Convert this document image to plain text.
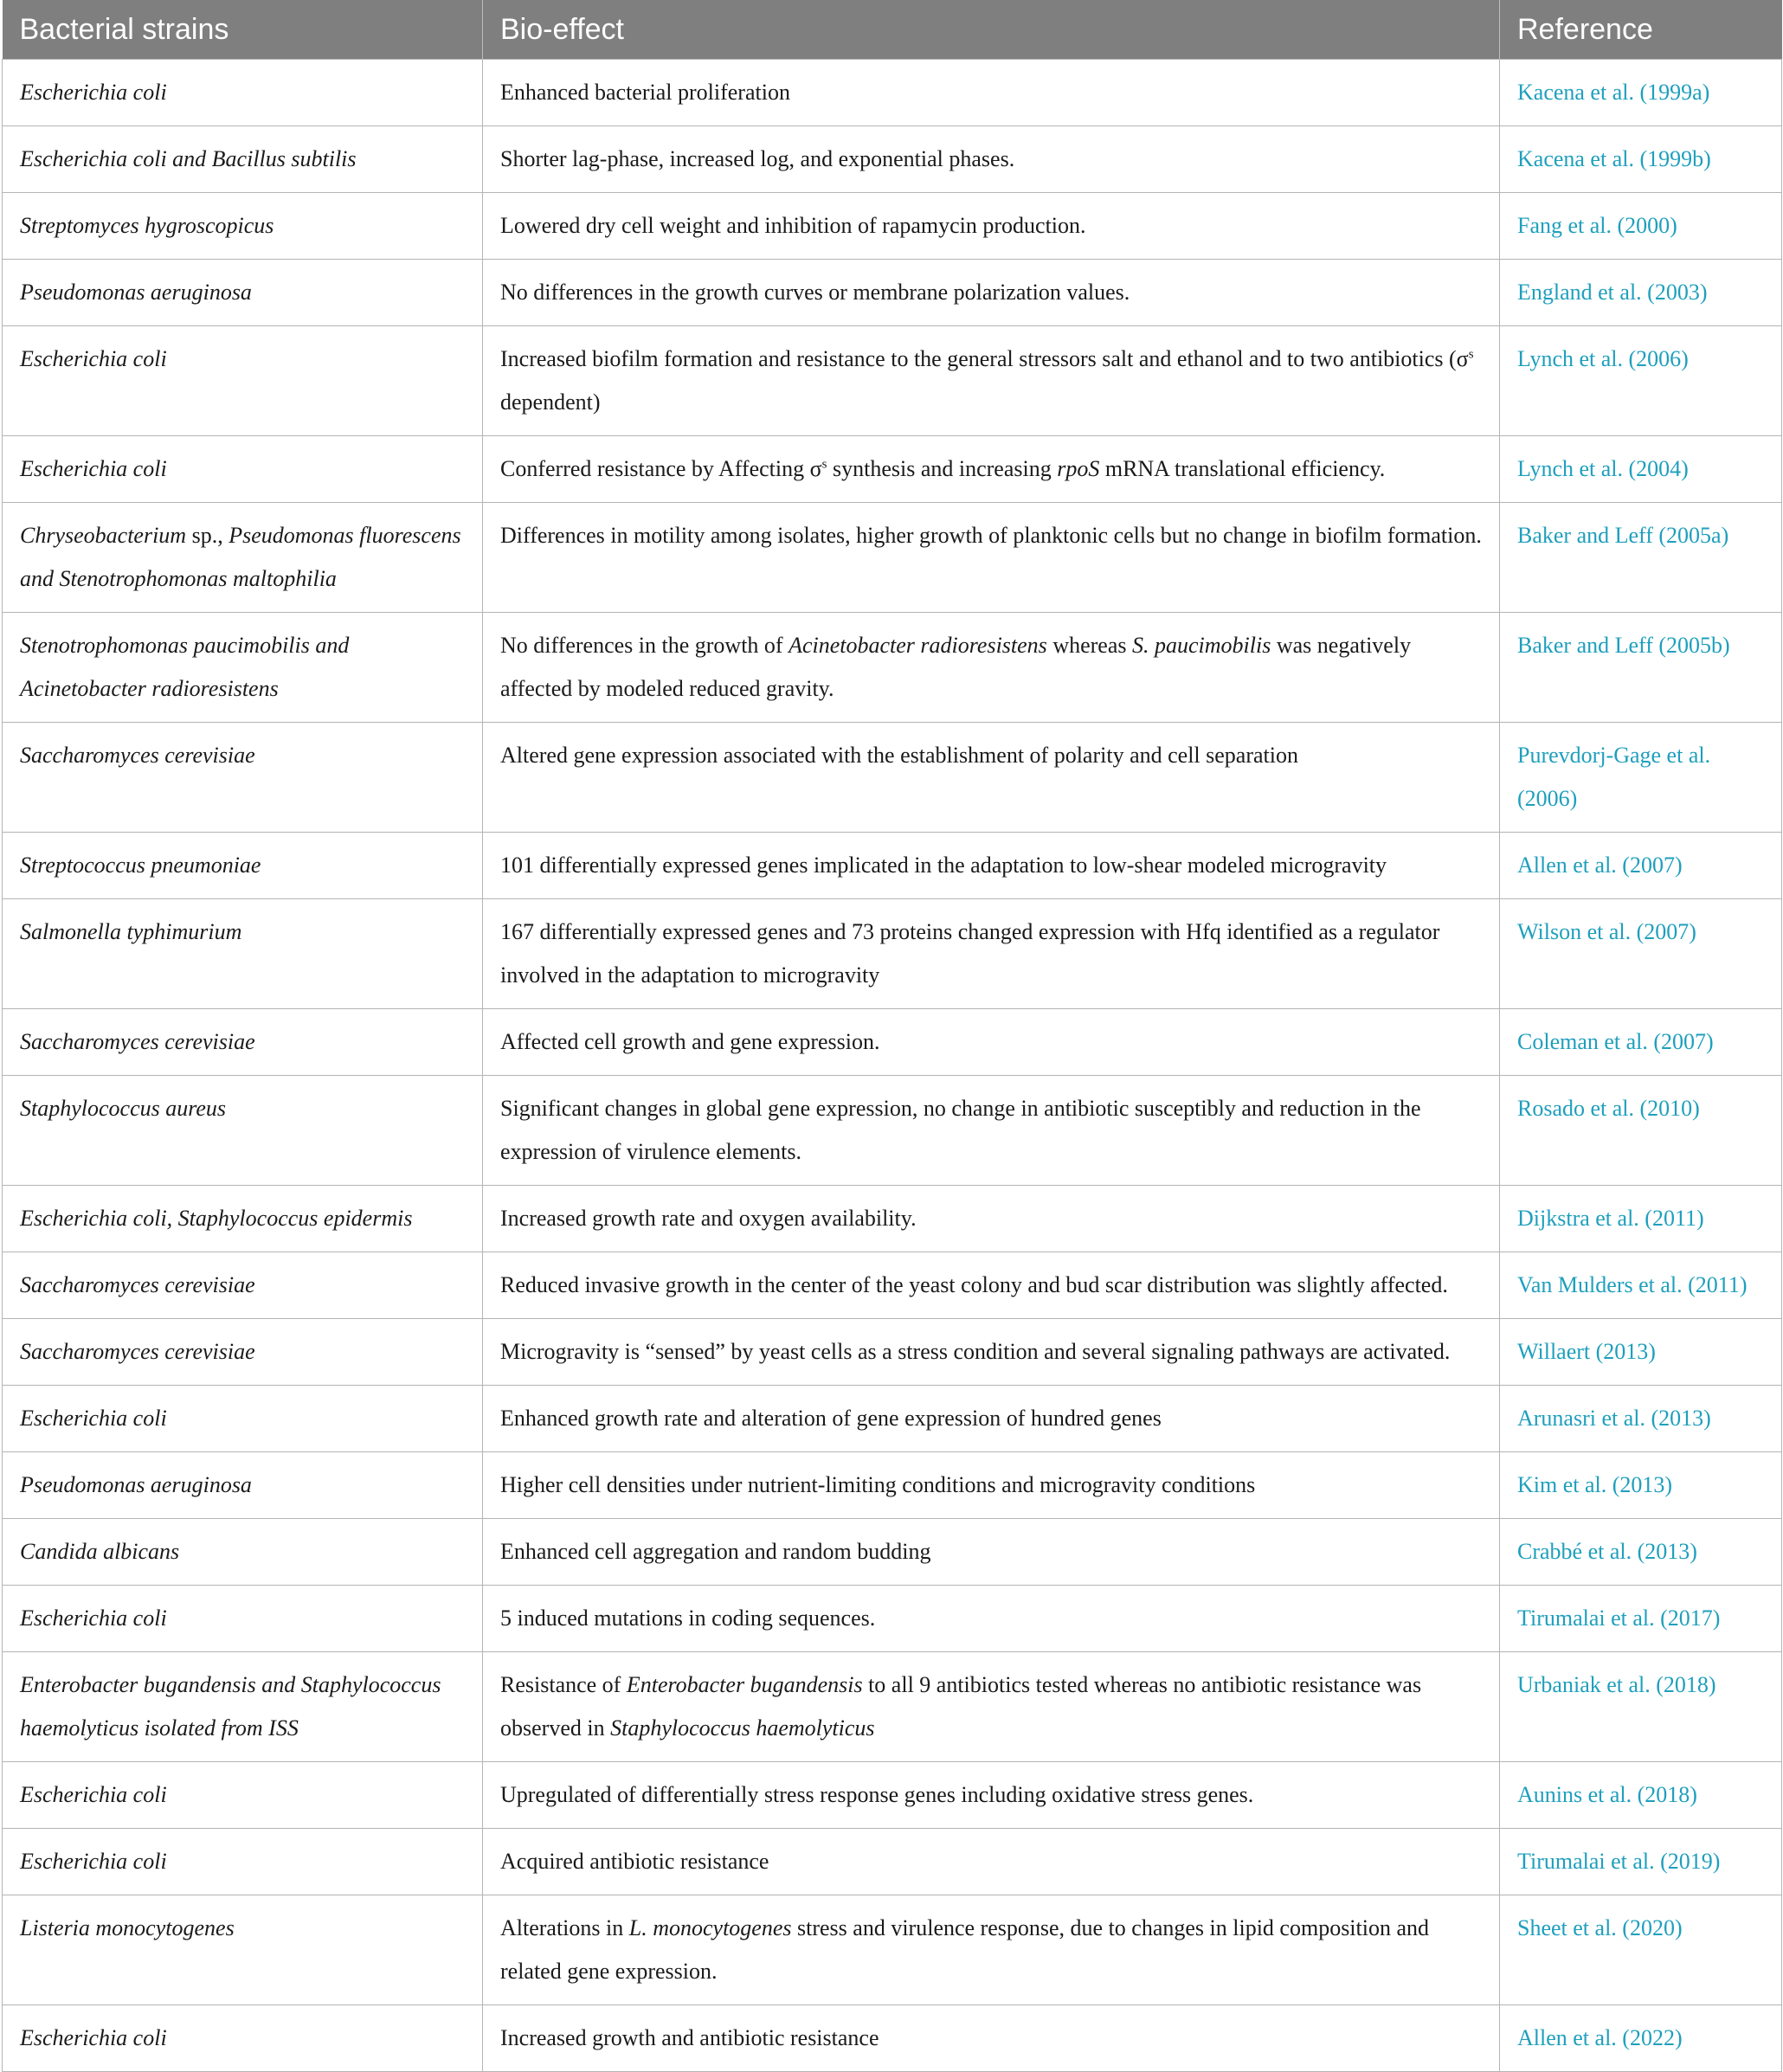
Bacterial strains	Bio-effect	Reference
Escherichia coli	Enhanced bacterial proliferation	Kacena et al. (1999a)
Escherichia coli and Bacillus subtilis	Shorter lag-phase, increased log, and exponential phases.	Kacena et al. (1999b)
Streptomyces hygroscopicus	Lowered dry cell weight and inhibition of rapamycin production.	Fang et al. (2000)
Pseudomonas aeruginosa	No differences in the growth curves or membrane polarization values.	England et al. (2003)
Escherichia coli	Increased biofilm formation and resistance to the general stressors salt and ethanol and to two antibiotics ($\sigma^s$ dependent)	Lynch et al. (2006)
Escherichia coli	Conferred resistance by Affecting $\sigma^s$ synthesis and increasing rpoS mRNA translational efficiency.	Lynch et al. (2004)
Chryseobacterium sp., Pseudomonas fluorescens and Stenotrophomonas maltophilia	Differences in motility among isolates, higher growth of planktonic cells but no change in biofilm formation.	Baker and Leff (2005a)
Stenotrophomonas paucimobilis and Acinetobacter radioresistens	No differences in the growth of Acinetobacter radioresistens whereas S. paucimobilis was negatively affected by modeled reduced gravity.	Baker and Leff (2005b)
Saccharomyces cerevisiae	Altered gene expression associated with the establishment of polarity and cell separation	Purevdorj-Gage et al. (2006)
Streptococcus pneumoniae	101 differentially expressed genes implicated in the adaptation to low-shear modeled microgravity	Allen et al. (2007)
Salmonella typhimurium	167 differentially expressed genes and 73 proteins changed expression with Hfq identified as a regulator involved in the adaptation to microgravity	Wilson et al. (2007)
Saccharomyces cerevisiae	Affected cell growth and gene expression.	Coleman et al. (2007)
Staphylococcus aureus	Significant changes in global gene expression, no change in antibiotic susceptibly and reduction in the expression of virulence elements.	Rosado et al. (2010)
Escherichia coli, Staphylococcus epidermis	Increased growth rate and oxygen availability.	Dijkstra et al. (2011)
Saccharomyces cerevisiae	Reduced invasive growth in the center of the yeast colony and bud scar distribution was slightly affected.	Van Mulders et al. (2011)
Saccharomyces cerevisiae	Microgravity is “sensed” by yeast cells as a stress condition and several signaling pathways are activated.	Willaert (2013)
Escherichia coli	Enhanced growth rate and alteration of gene expression of hundred genes	Arunasri et al. (2013)
Pseudomonas aeruginosa	Higher cell densities under nutrient-limiting conditions and microgravity conditions	Kim et al. (2013)
Candida albicans	Enhanced cell aggregation and random budding	Crabbé et al. (2013)
Escherichia coli	5 induced mutations in coding sequences.	Tirumalai et al. (2017)
Enterobacter bugandensis and Staphylococcus haemolyticus isolated from ISS	Resistance of Enterobacter bugandensis to all 9 antibiotics tested whereas no antibiotic resistance was observed in Staphylococcus haemolyticus	Urbaniak et al. (2018)
Escherichia coli	Upregulated of differentially stress response genes including oxidative stress genes.	Aunins et al. (2018)
Escherichia coli	Acquired antibiotic resistance	Tirumalai et al. (2019)
Listeria monocytogenes	Alterations in L. monocytogenes stress and virulence response, due to changes in lipid composition and related gene expression.	Sheet et al. (2020)
Escherichia coli	Increased growth and antibiotic resistance	Allen et al. (2022)
